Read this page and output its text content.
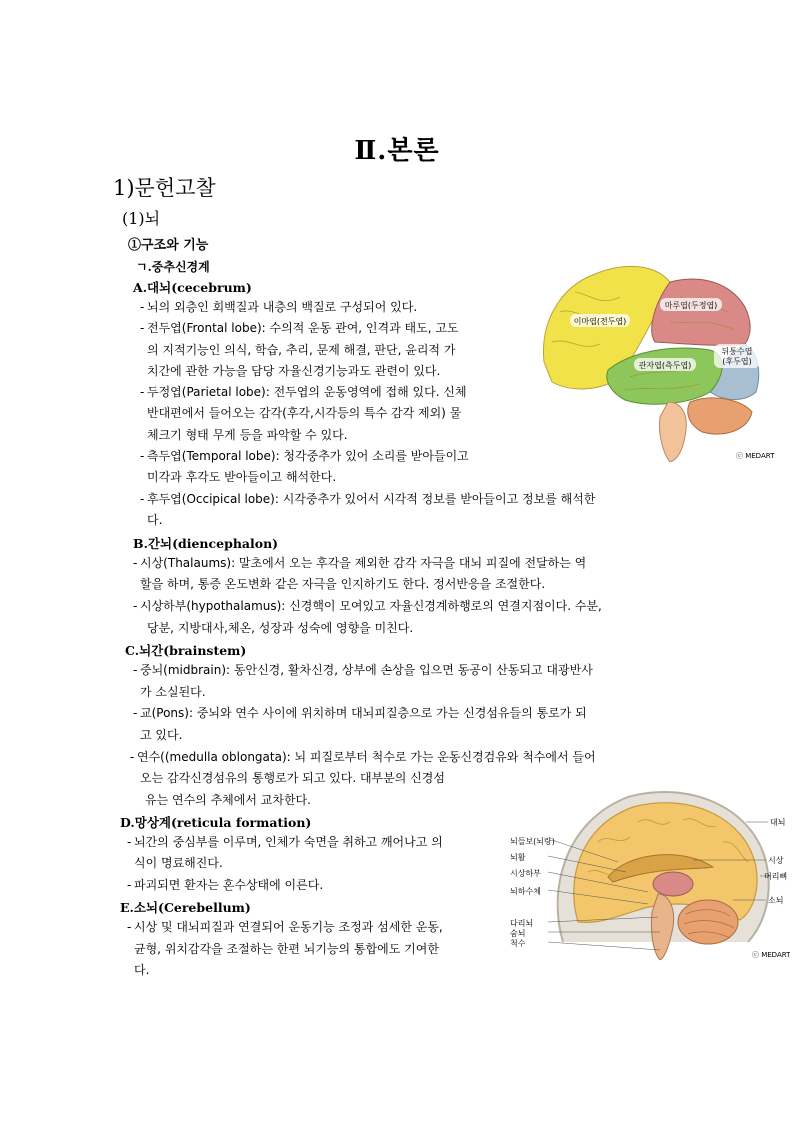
Ⅱ.본론
1)문헌고찰
(1)뇌
①구조와 기능
ㄱ.중추신경계
A.대뇌(cecebrum)
- 뇌의 외층인 회백질과 내층의 백질로 구성되어 있다.
- 전두엽(Frontal lobe): 수의적 운동 관여, 인격과 태도, 고도
의 지적기능인 의식, 학습, 추리, 문제 해결, 판단, 윤리적 가
치간에 관한 가능을 담당 자율신경기능과도 관련이 있다.
- 두정엽(Parietal lobe): 전두엽의 운동영역에 접해 있다. 신체
반대편에서 들어오는 감각(후각,시각등의 특수 감각 제외) 물
체크기 형태 무게 등을 파악할 수 있다.
- 측두엽(Temporal lobe): 청각중추가 있어 소리를 받아들이고
미각과 후각도 받아들이고 해석한다.
- 후두엽(Occipical lobe): 시각중추가 있어서 시각적 정보를 받아들이고 정보를 해석한
다.
B.간뇌(diencephalon)
- 시상(Thalaums): 말초에서 오는 후각을 제외한 감각 자극을 대뇌 피질에 전달하는 역
할을 하며, 통증 온도변화 같은 자극을 인지하기도 한다. 정서반응을 조절한다.
- 시상하부(hypothalamus): 신경핵이 모여있고 자율신경계하행로의 연결지점이다. 수분,
당분, 지방대사,체온, 성장과 성숙에 영향을 미친다.
C.뇌간(brainstem)
- 중뇌(midbrain): 동안신경, 활차신경, 상부에 손상을 입으면 동공이 산동되고 대광반사
가 소실된다.
- 교(Pons): 중뇌와 연수 사이에 위치하며 대뇌피질층으로 가는 신경섬유들의 통로가 되
고 있다.
- 연수((medulla oblongata): 뇌 피질로부터 척수로 가는 운동신경검유와 척수에서 들어
오는 감각신경섬유의 통행로가 되고 있다. 대부분의 신경섬
유는 연수의 추체에서 교차한다.
D.망상계(reticula formation)
- 뇌간의 중심부를 이루며, 인체가 숙면을 취하고 깨어나고 의
식이 명료해진다.
- 파괴되면 환자는 혼수상태에 이른다.
E.소뇌(Cerebellum)
- 시상 및 대뇌피질과 연결되어 운동기능 조정과 섬세한 운동,
균형, 위치감각을 조절하는 한편 뇌기능의 통합에도 기여한
다.
이마엽(전두엽)
마루엽(두정엽)
뒤통수엽
(후두엽)
관자엽(측두엽)
ⓒ MEDART
뇌들보(뇌량)
뇌활
시상하부
뇌하수체
다리뇌
숨뇌
척수
대뇌
시상
머리뼈
소뇌
ⓒ MEDART
